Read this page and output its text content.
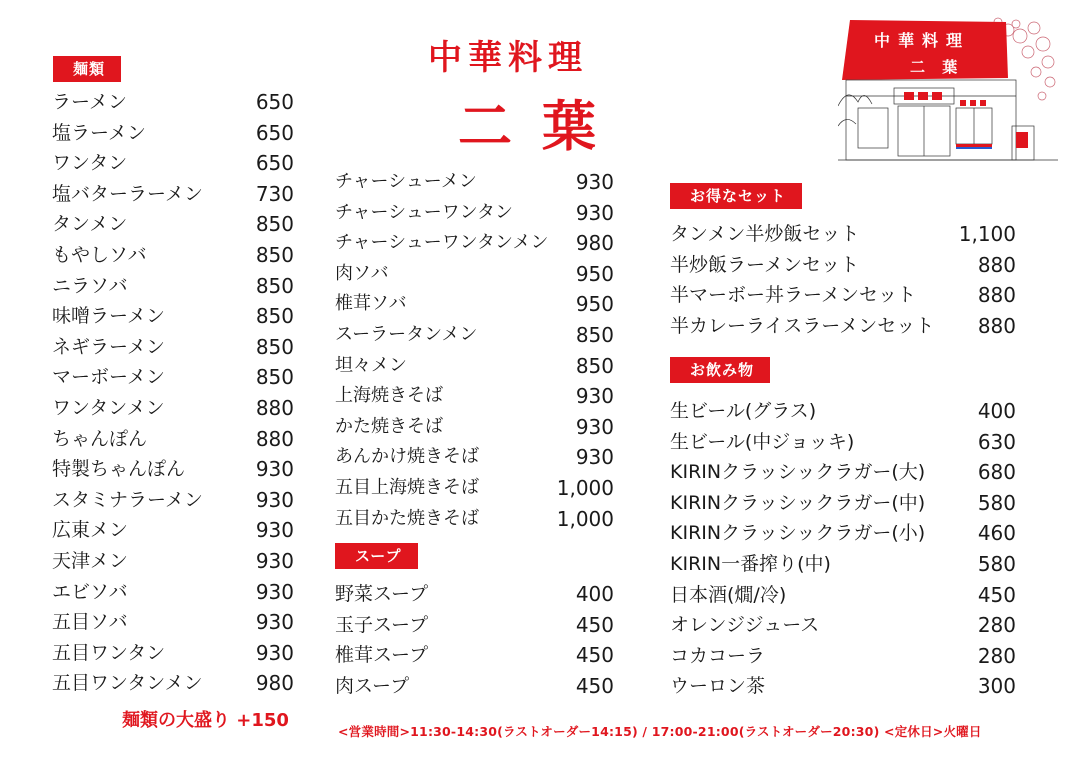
中華料理
二葉
中華料理
二 葉
麺類
ラーメン	650
塩ラーメン	650
ワンタン	650
塩バターラーメン	730
タンメン	850
もやしソバ	850
ニラソバ	850
味噌ラーメン	850
ネギラーメン	850
マーボーメン	850
ワンタンメン	880
ちゃんぽん	880
特製ちゃんぽん	930
スタミナラーメン	930
広東メン	930
天津メン	930
エビソバ	930
五目ソバ	930
五目ワンタン	930
五目ワンタンメン	980
麺類の大盛り +150
チャーシューメン	930
チャーシューワンタン	930
チャーシューワンタンメン 980
肉ソバ	950
椎茸ソバ	950
スーラータンメン	850
坦々メン	850
上海焼きそば	930
かた焼きそば	930
あんかけ焼きそば	930
五目上海焼きそば	1,000
五目かた焼きそば	1,000
スープ
野菜スープ	400
玉子スープ	450
椎茸スープ	450
肉スープ	450
お得なセット
タンメン半炒飯セット	1,100
半炒飯ラーメンセット	880
半マーボー丼ラーメンセット	880
半カレーライスラーメンセット 880
お飲み物
生ビール(グラス)	400
生ビール(中ジョッキ)	630
KIRINクラッシックラガー(大)	680
KIRINクラッシックラガー(中)	580
KIRINクラッシックラガー(小)	460
KIRIN一番搾り(中)	580
日本酒(燗/冷)	450
オレンジジュース	280
コカコーラ	280
ウーロン茶	300
<営業時間>11:30-14:30(ラストオーダー14:15) / 17:00-21:00(ラストオーダー20:30) <定休日>火曜日
